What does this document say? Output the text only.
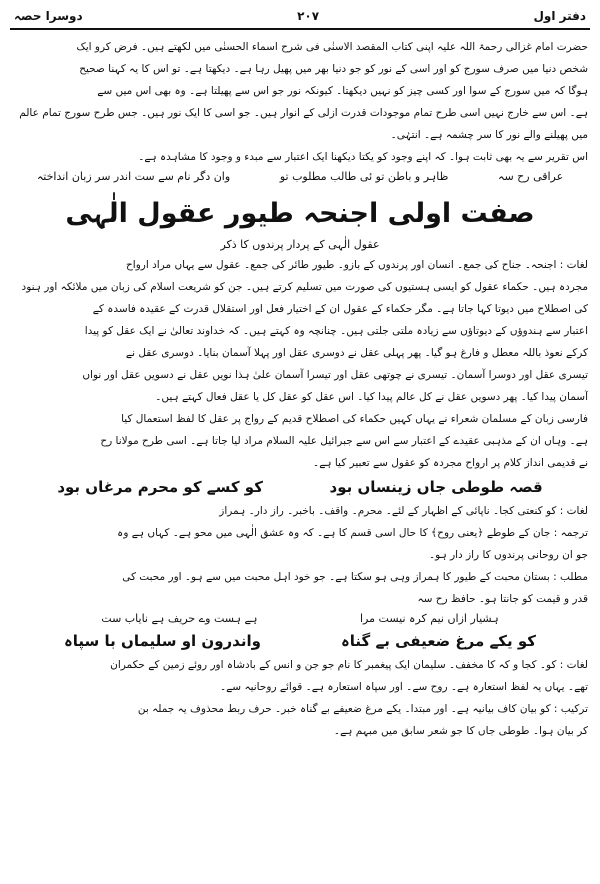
دفتر اول
۲۰۷
دوسرا حصہ
حضرت امام غزالی رحمۃ اللہ علیہ اپنی کتاب المقصد الاسنٰی فی شرح اسماء الحسنٰی میں لکھتے ہیں۔ فرض کرو ایک
شخص دنیا میں صرف سورج کو اور اسی کے نور کو جو دنیا بھر میں پھیل رہا ہے۔ دیکھتا ہے۔ تو اس کا یہ کہنا صحیح
ہوگا کہ میں سورج کے سوا اور کسی چیز کو نہیں دیکھتا۔ کیونکہ نور جو اس سے پھیلتا ہے۔ وہ بھی اس میں سے
ہے۔ اس سے خارج نہیں اسی طرح تمام موجودات قدرت ازلی کے انوار ہیں۔ جو اسی کا ایک نور ہیں۔ جس طرح سورج تمام عالم
میں پھیلنے والے نور کا سر چشمہ ہے۔ انتہٰی۔
اس تقریر سے یہ بھی ثابت ہوا۔ کہ اپنے وجود کو یکتا دیکھنا ایک اعتبار سے مبدء و وجود کا مشاہدہ ہے۔
عراقی رح سہ
ظاہر و باطن تو ئی طالب مطلوب تو
وان دگر نام سے ست اندر سر زبان انداختہ
صفت اولی اجنحہ طیور عقول الٰہی
عقول الٰہی کے پردار پرندوں کا ذکر
لغات : اجنحہ۔ جناح کی جمع۔ انسان اور پرندوں کے بازو۔ طیور طائر کی جمع۔ عقول سے یہاں مراد ارواح
مجردہ ہیں۔ حکماء عقول کو ایسی ہستیوں کی صورت میں تسلیم کرتے ہیں۔ جن کو شریعت اسلام کی زبان میں ملائکہ اور ہنود
کی اصطلاح میں دیوتا کہا جاتا ہے۔ مگر حکماء کے عقول ان کے اختیار فعل اور استقلال قدرت کے عقیدہ فاسدہ کے
اعتبار سے ہندوؤں کے دیوتاؤں سے زیادہ ملتی جلتی ہیں۔ چنانچہ وہ کہتے ہیں۔ کہ خداوند تعالیٰ نے ایک عقل کو پیدا
کرکے نعوذ باللہ معطل و فارغ ہو گیا۔ پھر پہلی عقل نے دوسری عقل اور پہلا آسمان بنایا۔ دوسری عقل نے
تیسری عقل اور دوسرا آسمان۔ تیسری نے چوتھی عقل اور تیسرا آسمان علیٰ ہذا نویں عقل نے دسویں عقل اور نواں
آسمان پیدا کیا۔ پھر دسویں عقل نے کل عالم پیدا کیا۔ اس عقل کو عقل کل یا عقل فعال کہتے ہیں۔
فارسی زبان کے مسلمان شعراء نے یہاں کہیں حکماء کی اصطلاح قدیم کے رواج پر عقل کا لفظ استعمال کیا
ہے۔ وہاں ان کے مذہبی عقیدے کے اعتبار سے اس سے جبرائیل علیہ السلام مراد لیا جاتا ہے۔ اسی طرح مولانا رح
نے قدیمی انداز کلام پر ارواح مجردہ کو عقول سے تعبیر کیا ہے۔
قصہ طوطی جاں زینساں بود
کو کسے کو محرم مرغاں بود
لغات : کو کنعتی کجا۔ ناپائی کے اظہار کے لئے۔ محرم۔ واقف۔ باخبر۔ راز دار۔ ہمراز
ترجمہ : جان کے طوطے ﴿یعنی روح﴾ کا حال اسی قسم کا ہے۔ کہ وہ عشق الٰہی میں محو ہے۔ کہاں ہے وہ
جو ان روحانی پرندوں کا راز دار ہو۔
مطلب : بستان محبت کے طیور کا ہمراز وہی ہو سکتا ہے۔ جو خود اہل محبت میں سے ہو۔ اور محبت کی
قدر و قیمت کو جانتا ہو۔ حافظ رح سہ
ہشیار ازاں نیم کرہ نیست مرا
ہے ہست وے حریف ہے نایاب ست
کو یکے مرغ ضعیفی بے گناہ
واندرون او سلیماں با سپاہ
لغات : کو۔ کجا و کہ کا مخفف۔ سلیمان ایک پیغمبر کا نام جو جن و انس کے بادشاہ اور روئے زمین کے حکمران
تھے۔ یہاں یہ لفظ استعارہ ہے۔ روح سے۔ اور سپاہ استعارہ ہے۔ قوائے روحانیہ سے۔
ترکیب : کو بیان کاف بیانیہ ہے۔ اور مبتدا۔ یکے مرغ ضعیفے بے گناہ خبر۔ حرف ربط محذوف یہ جملہ بن
کر بیان ہوا۔ طوطی جاں کا جو شعر سابق میں مبہم ہے۔
